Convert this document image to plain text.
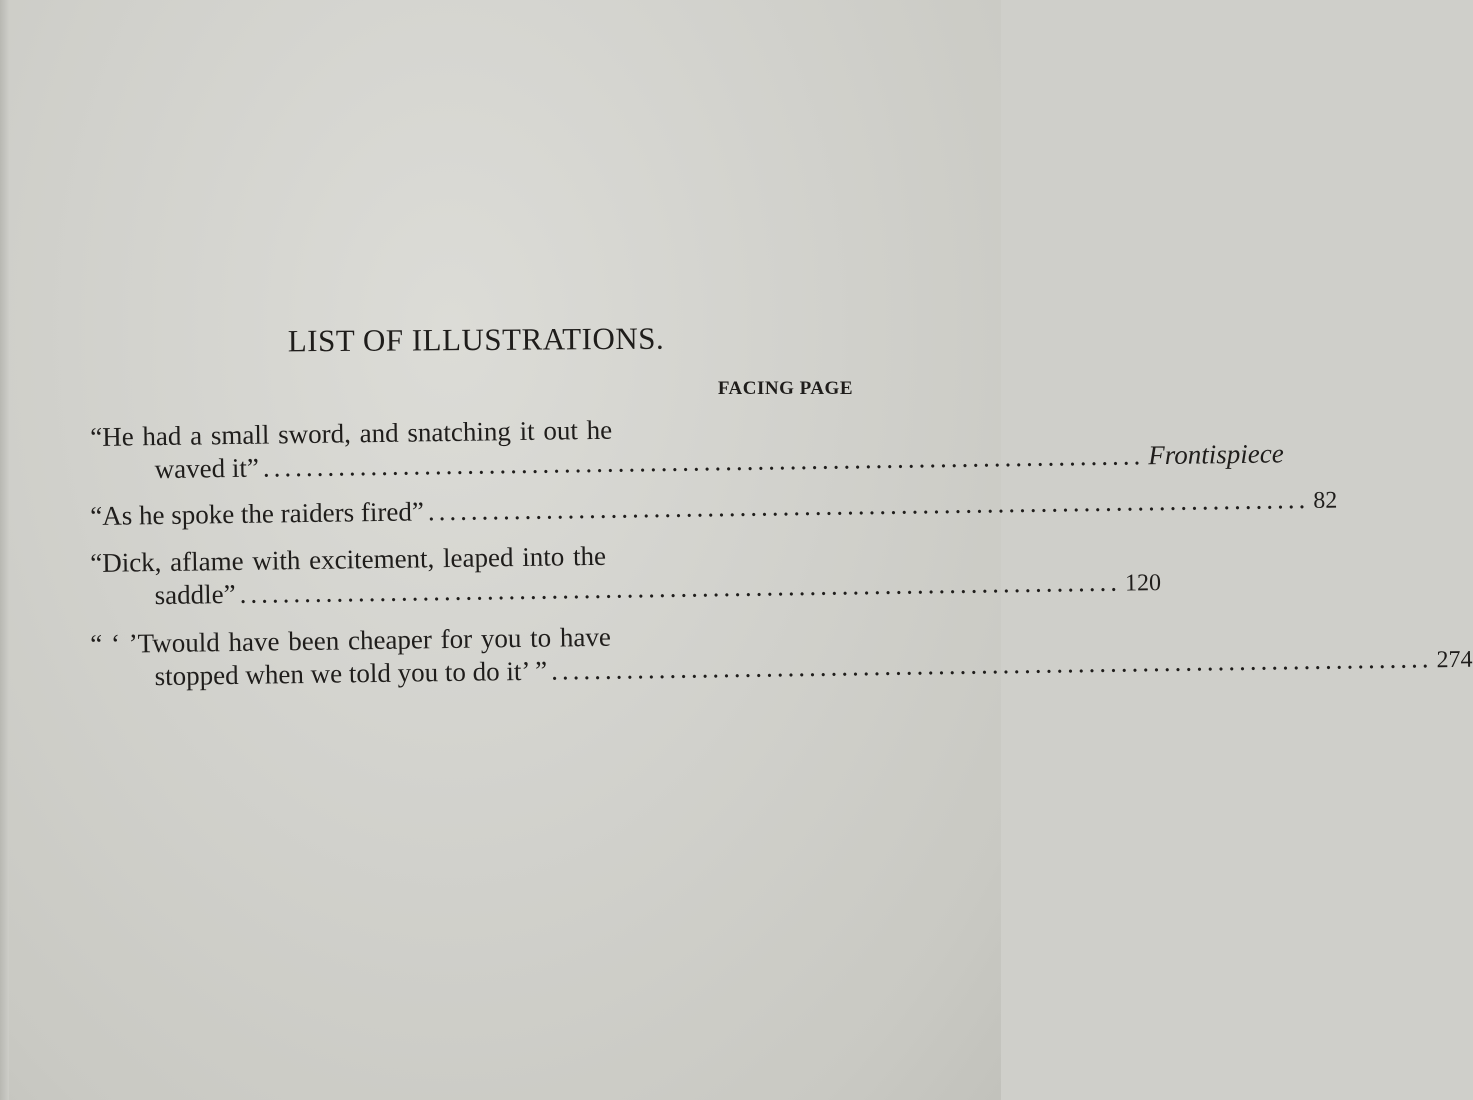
LIST OF ILLUSTRATIONS.
FACING PAGE
“He had a small sword, and snatching it out he
waved it” .................................................................................. Frontispiece
“As he spoke the raiders fired” .................................................................................. 82
“Dick, aflame with excitement, leaped into the
saddle” .................................................................................. 120
“ ‘ ’Twould have been cheaper for you to have
stopped when we told you to do it’ ” .................................................................................. 274
